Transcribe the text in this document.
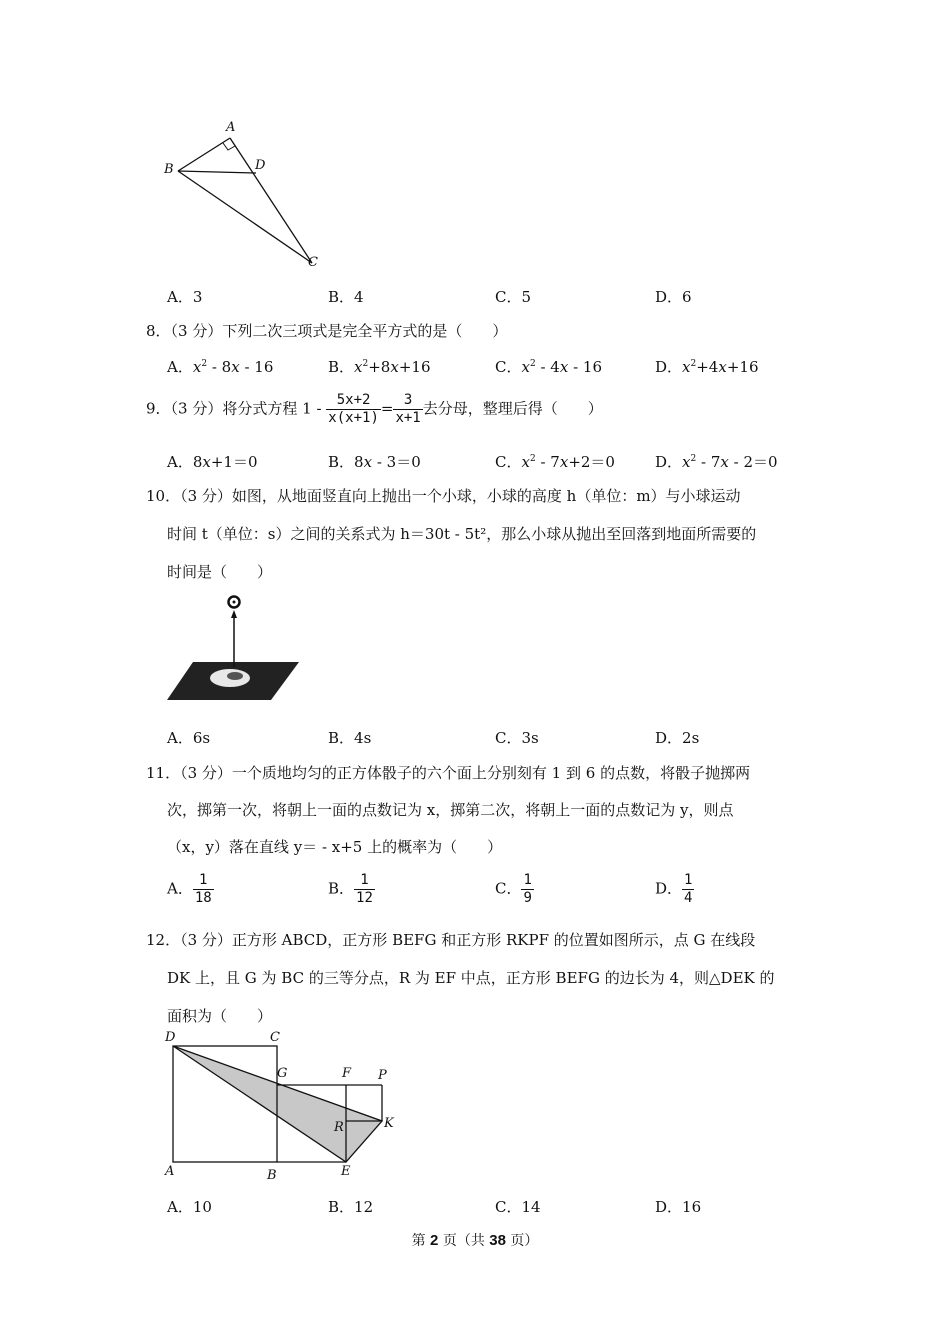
A
B	D
C
A．3	B．4	C．5	D．6
8．（3 分）下列二次三项式是完全平方式的是（　　）
A．$x^2 - 8x - 16$	B．$x^2+8x+16$	C．$x^2 - 4x - 16$	D．$x^2+4x+16$
9．（3 分）将分式方程 $1 - \frac{5x+2}{x(x+1)} = \frac{3}{x+1}$ 去分母，整理后得（　　）
A．8x+1＝0	B．8x - 3＝0	C．$x^2 - 7x+2=0$	D．$x^2 - 7x - 2=0$
10．（3 分）如图，从地面竖直向上抛出一个小球，小球的高度 h（单位：m）与小球运动
时间 t（单位：s）之间的关系式为 h＝30t - 5t²，那么小球从抛出至回落到地面所需要的
时间是（　　）
A．6s	B．4s	C．3s	D．2s
11．（3 分）一个质地均匀的正方体骰子的六个面上分别刻有 1 到 6 的点数，将骰子抛掷两
次，掷第一次，将朝上一面的点数记为 x，掷第二次，将朝上一面的点数记为 y，则点
（x，y）落在直线 y＝ - x+5 上的概率为（　　）
A． $\frac{1}{18}$	B． $\frac{1}{12}$	C． $\frac{1}{9}$	D． $\frac{1}{4}$
12．（3 分）正方形 ABCD，正方形 BEFG 和正方形 RKPF 的位置如图所示，点 G 在线段
DK 上，且 G 为 BC 的三等分点，R 为 EF 中点，正方形 BEFG 的边长为 4，则△DEK 的
面积为（　　）
D	C
G	F P
R	K
A	B	E
A．10	B．12	C．14	D．16
第 2 页（共 38 页）
